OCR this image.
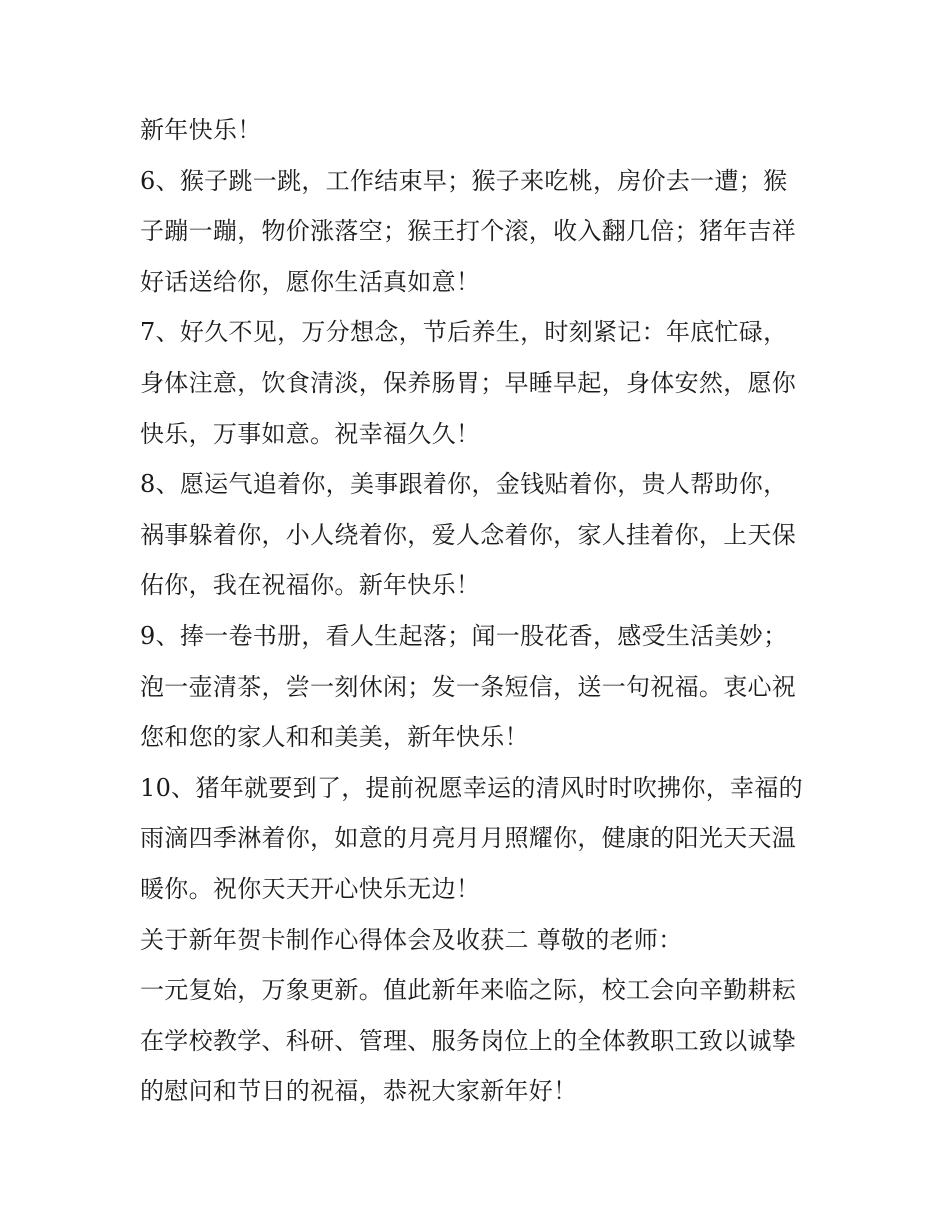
新年快乐！
6、猴子跳一跳，工作结束早；猴子来吃桃，房价去一遭；猴
子蹦一蹦，物价涨落空；猴王打个滚，收入翻几倍；猪年吉祥
好话送给你，愿你生活真如意！
7、好久不见，万分想念，节后养生，时刻紧记：年底忙碌，
身体注意，饮食清淡，保养肠胃；早睡早起，身体安然，愿你
快乐，万事如意。祝幸福久久！
8、愿运气追着你，美事跟着你，金钱贴着你，贵人帮助你，
祸事躲着你，小人绕着你，爱人念着你，家人挂着你，上天保
佑你，我在祝福你。新年快乐！
9、捧一卷书册，看人生起落；闻一股花香，感受生活美妙；
泡一壶清茶，尝一刻休闲；发一条短信，送一句祝福。衷心祝
您和您的家人和和美美，新年快乐！
10、猪年就要到了，提前祝愿幸运的清风时时吹拂你，幸福的
雨滴四季淋着你，如意的月亮月月照耀你，健康的阳光天天温
暖你。祝你天天开心快乐无边！
关于新年贺卡制作心得体会及收获二 尊敬的老师：
一元复始，万象更新。值此新年来临之际，校工会向辛勤耕耘
在学校教学、科研、管理、服务岗位上的全体教职工致以诚挚
的慰问和节日的祝福，恭祝大家新年好！
